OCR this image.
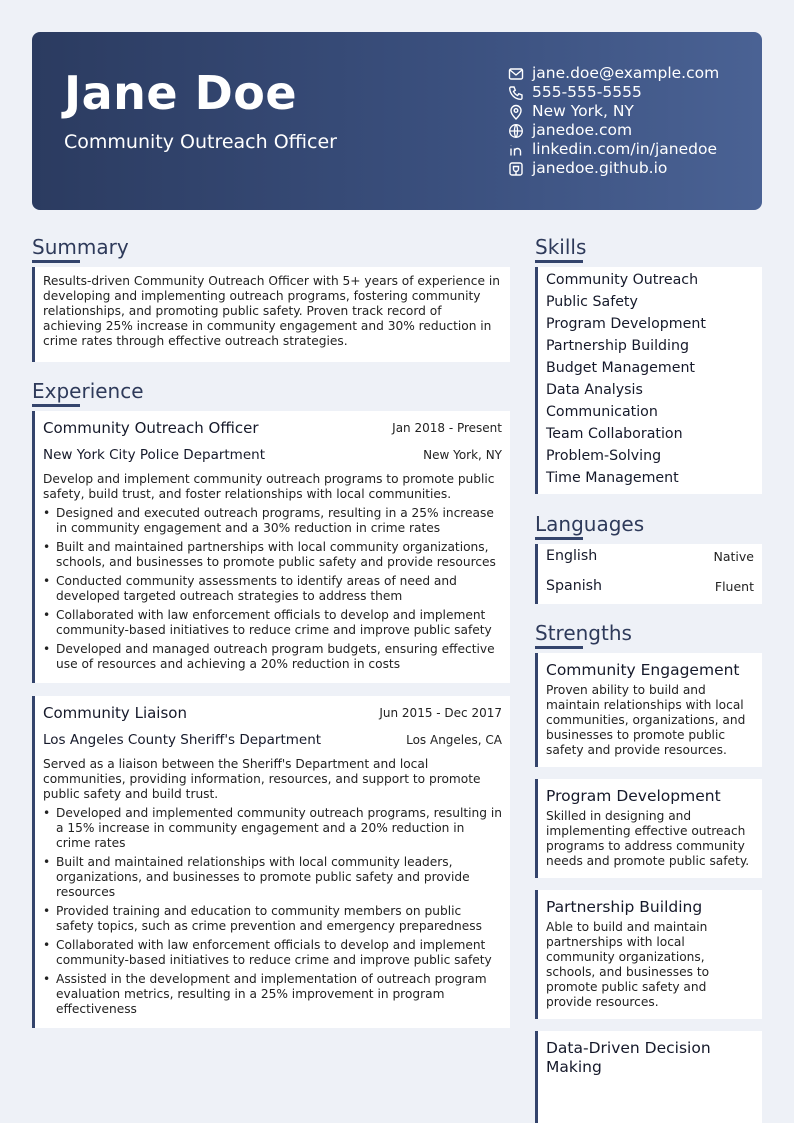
Jane Doe
Community Outreach Officer
jane.doe@example.com
555-555-5555
New York, NY
janedoe.com
linkedin.com/in/janedoe
janedoe.github.io
Summary
Results-driven Community Outreach Officer with 5+ years of experience in developing and implementing outreach programs, fostering community relationships, and promoting public safety. Proven track record of achieving 25% increase in community engagement and 30% reduction in crime rates through effective outreach strategies.
Experience
Community Outreach Officer	Jan 2018 - Present
New York City Police Department	New York, NY
Develop and implement community outreach programs to promote public safety, build trust, and foster relationships with local communities.
• Designed and executed outreach programs, resulting in a 25% increase in community engagement and a 30% reduction in crime rates
• Built and maintained partnerships with local community organizations, schools, and businesses to promote public safety and provide resources
• Conducted community assessments to identify areas of need and developed targeted outreach strategies to address them
• Collaborated with law enforcement officials to develop and implement community-based initiatives to reduce crime and improve public safety
• Developed and managed outreach program budgets, ensuring effective use of resources and achieving a 20% reduction in costs
Community Liaison	Jun 2015 - Dec 2017
Los Angeles County Sheriff's Department	Los Angeles, CA
Served as a liaison between the Sheriff's Department and local communities, providing information, resources, and support to promote public safety and build trust.
• Developed and implemented community outreach programs, resulting in a 15% increase in community engagement and a 20% reduction in crime rates
• Built and maintained relationships with local community leaders, organizations, and businesses to promote public safety and provide resources
• Provided training and education to community members on public safety topics, such as crime prevention and emergency preparedness
• Collaborated with law enforcement officials to develop and implement community-based initiatives to reduce crime and improve public safety
• Assisted in the development and implementation of outreach program evaluation metrics, resulting in a 25% improvement in program effectiveness
Skills
Community Outreach
Public Safety
Program Development
Partnership Building
Budget Management
Data Analysis
Communication
Team Collaboration
Problem-Solving
Time Management
Languages
English	Native
Spanish	Fluent
Strengths
Community Engagement
Proven ability to build and maintain relationships with local communities, organizations, and businesses to promote public safety and provide resources.
Program Development
Skilled in designing and implementing effective outreach programs to address community needs and promote public safety.
Partnership Building
Able to build and maintain partnerships with local community organizations, schools, and businesses to promote public safety and provide resources.
Data-Driven Decision Making
